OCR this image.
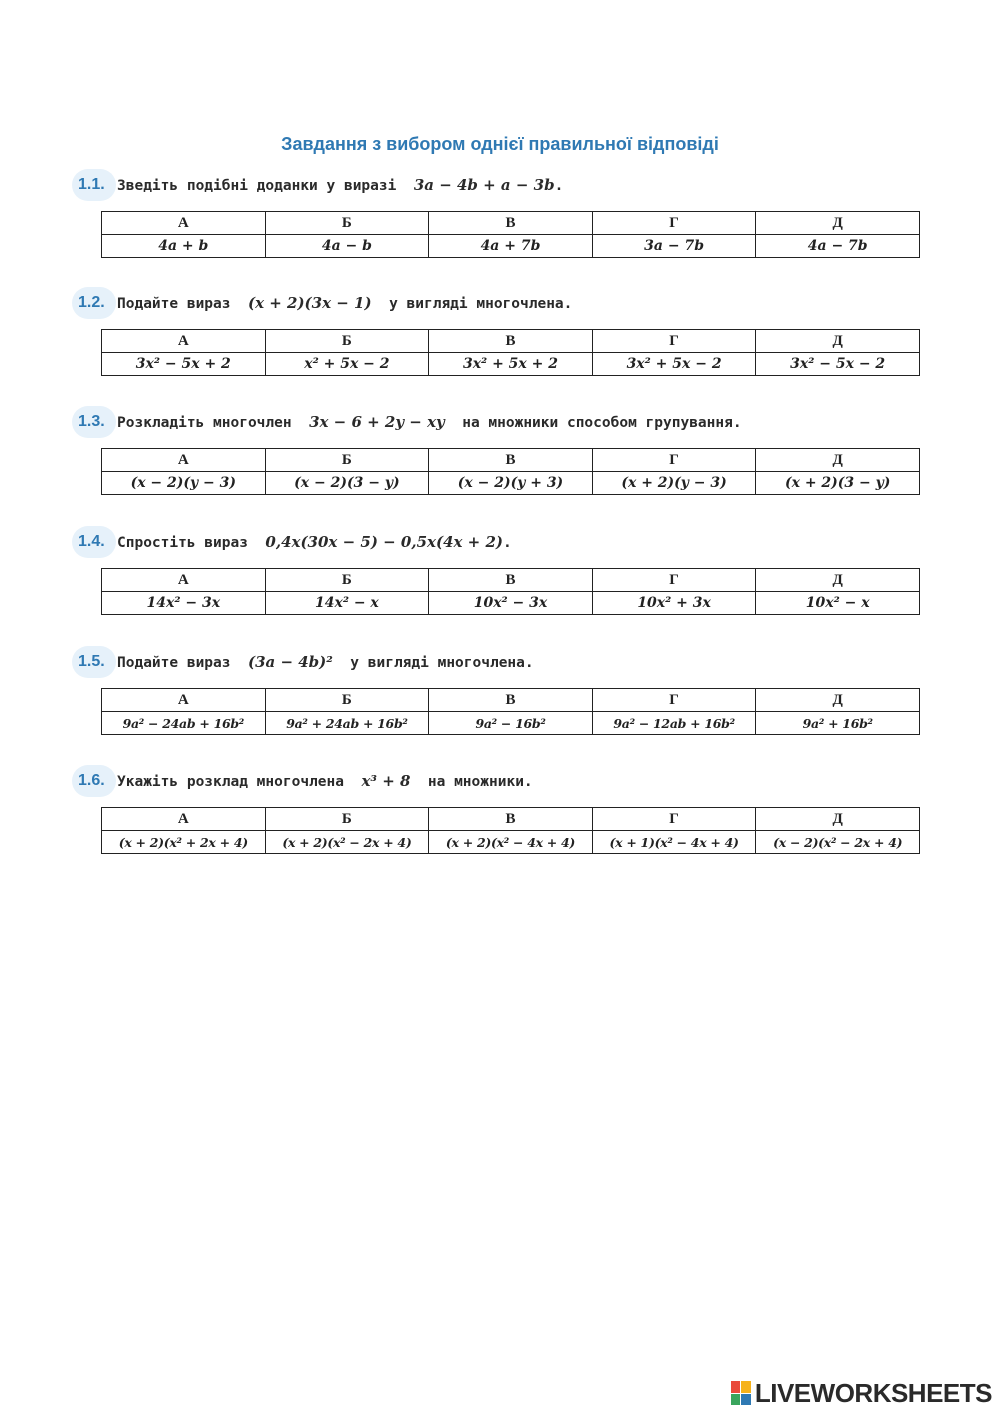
Завдання з вибором однієї правильної відповіді
1.1. Зведіть подібні доданки у виразі 3a − 4b + a − 3b.
А	Б	В	Г	Д
4a + b	4a − b	4a + 7b	3a − 7b	4a − 7b
1.2. Подайте вираз (x + 2)(3x − 1) у вигляді многочлена.
А	Б	В	Г	Д
3x² − 5x + 2	x² + 5x − 2	3x² + 5x + 2	3x² + 5x − 2	3x² − 5x − 2
1.3. Розкладіть многочлен 3x − 6 + 2y − xy на множники способом групування.
А	Б	В	Г	Д
(x − 2)(y − 3)	(x − 2)(3 − y)	(x − 2)(y + 3)	(x + 2)(y − 3)	(x + 2)(3 − y)
1.4. Спростіть вираз 0,4x(30x − 5) − 0,5x(4x + 2).
А	Б	В	Г	Д
14x² − 3x	14x² − x	10x² − 3x	10x² + 3x	10x² − x
1.5. Подайте вираз (3a − 4b)² у вигляді многочлена.
А	Б	В	Г	Д
9a² − 24ab + 16b²	9a² + 24ab + 16b²	9a² − 16b²	9a² − 12ab + 16b²	9a² + 16b²
1.6. Укажіть розклад многочлена x³ + 8 на множники.
А	Б	В	Г	Д
(x + 2)(x² + 2x + 4)	(x + 2)(x² − 2x + 4)	(x + 2)(x² − 4x + 4)	(x + 1)(x² − 4x + 4)	(x − 2)(x² − 2x + 4)
LIVEWORKSHEETS
